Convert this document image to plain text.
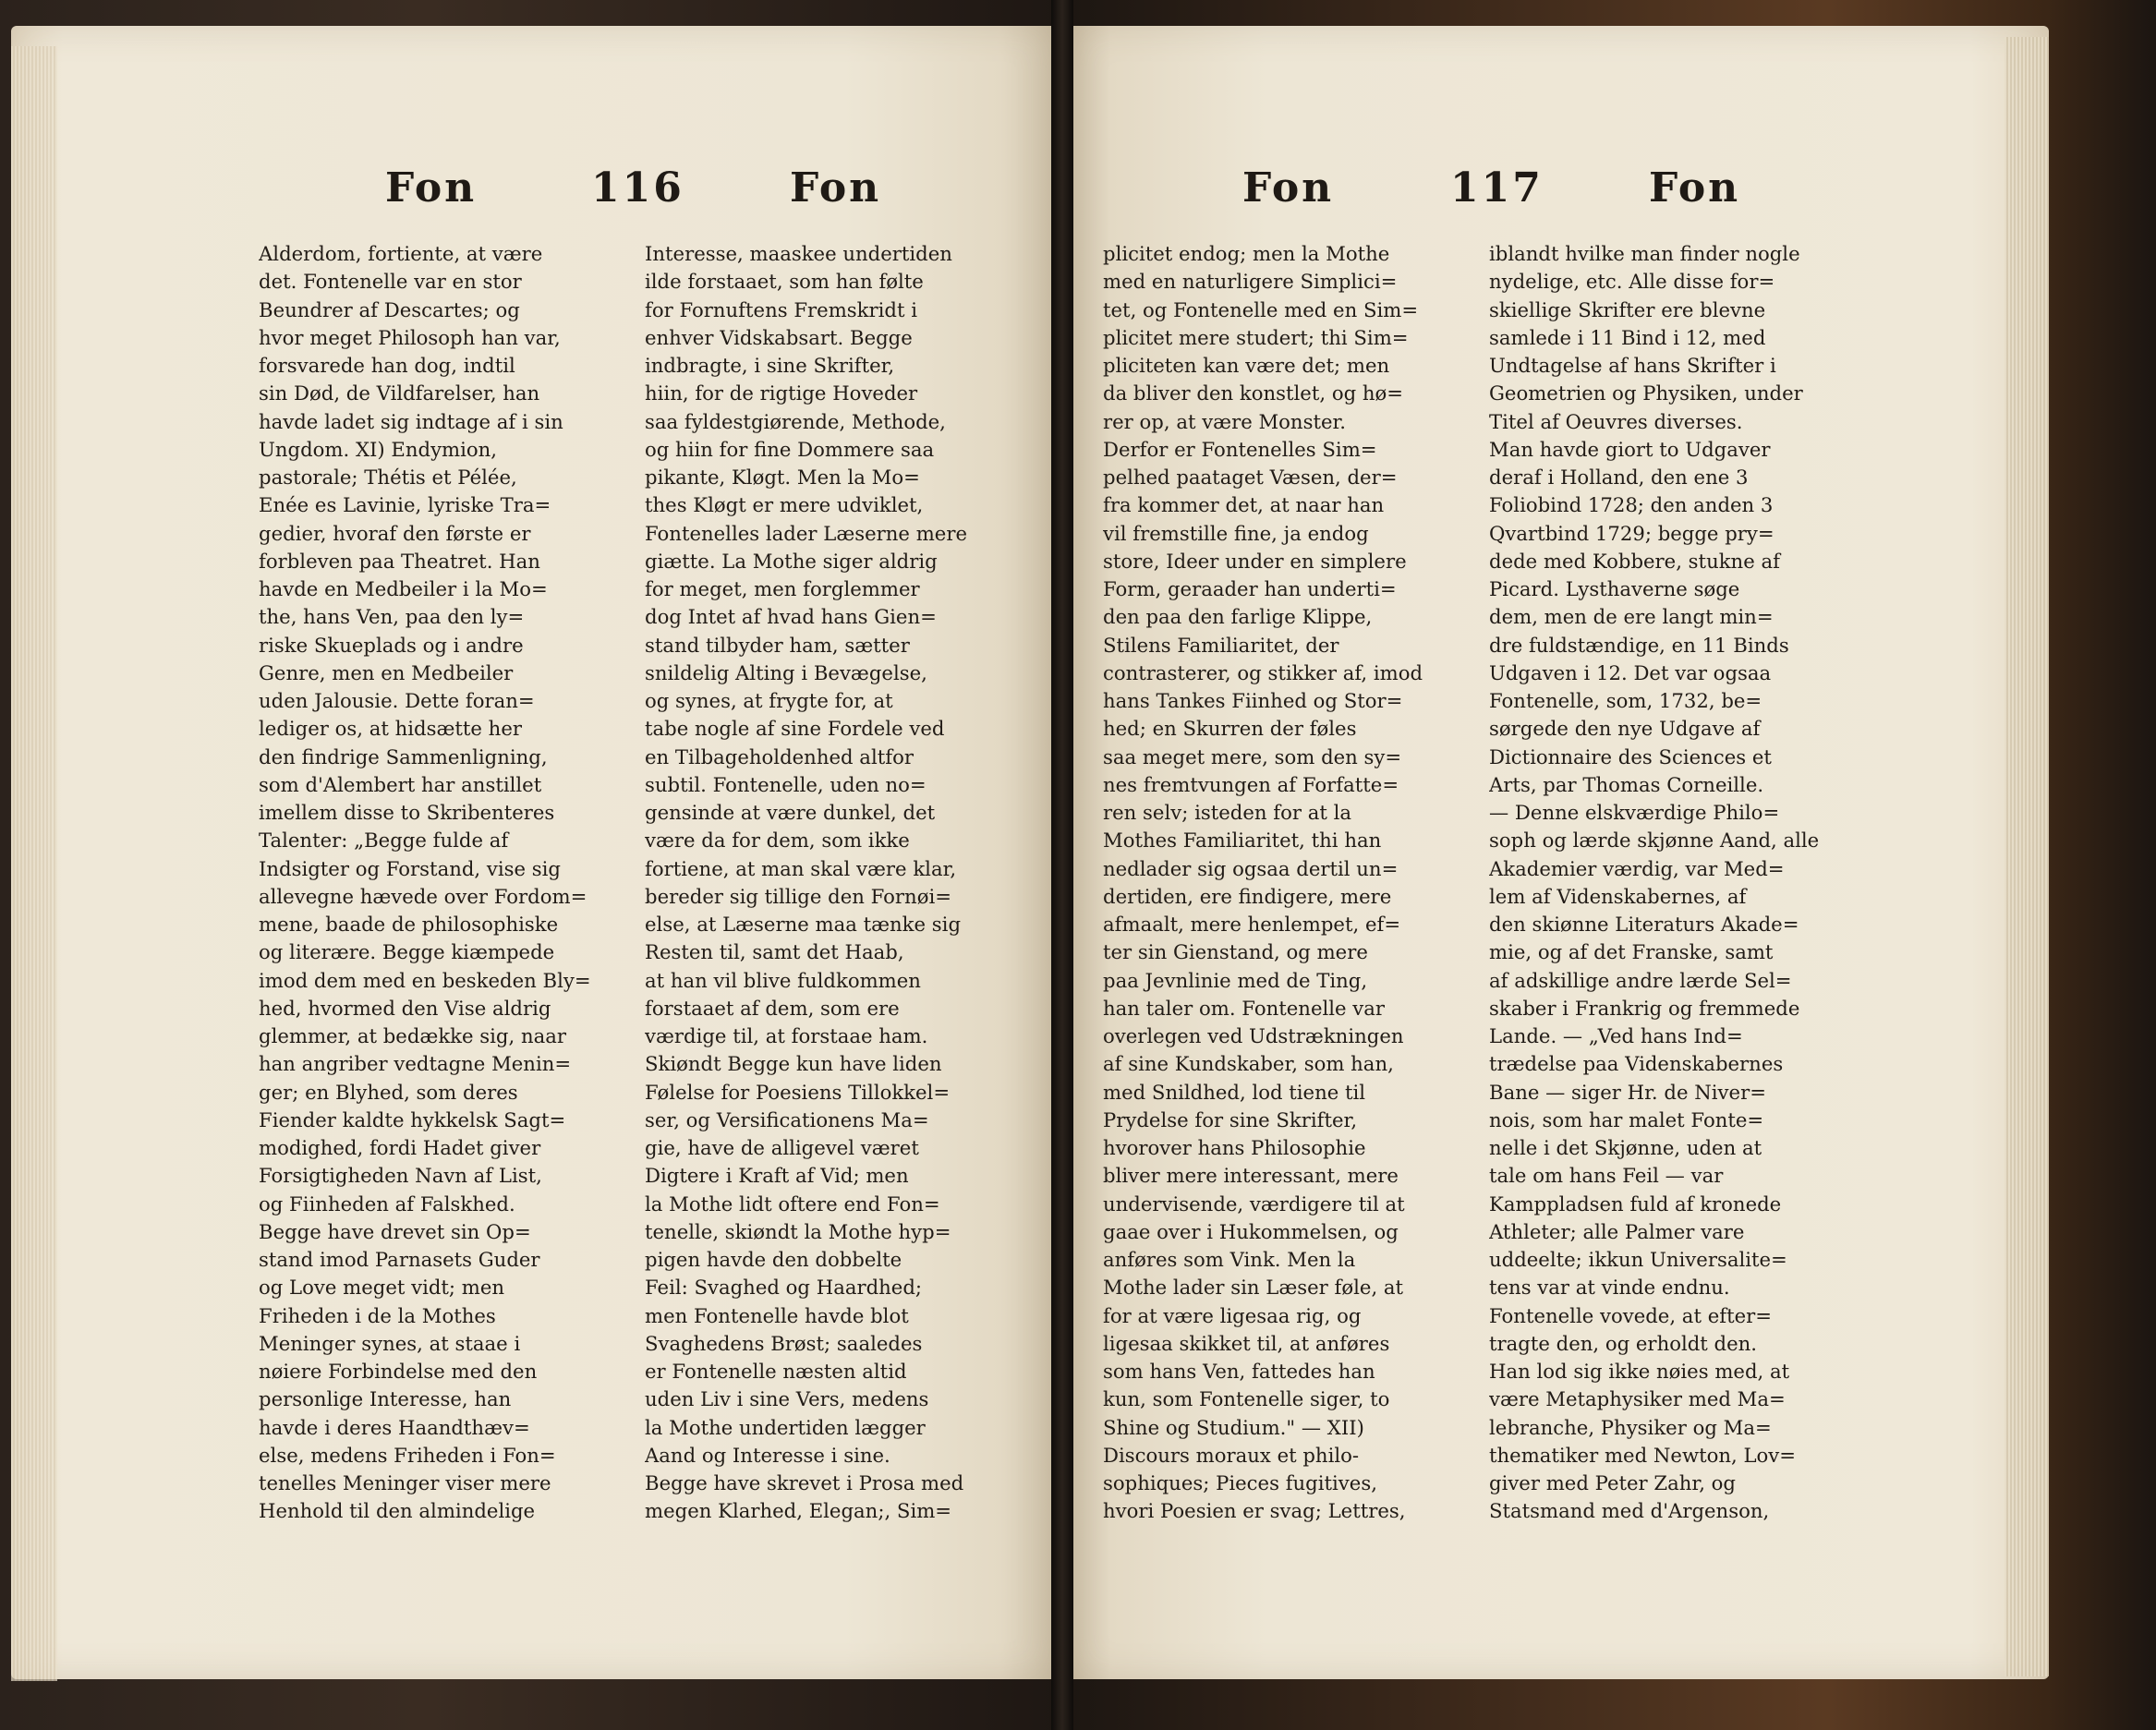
Fon	116	Fon
Alderdom, fortiente, at være
det. Fontenelle var en stor
Beundrer af Descartes; og
hvor meget Philosoph han var,
forsvarede han dog, indtil
sin Død, de Vildfarelser, han
havde ladet sig indtage af i sin
Ungdom. XI) Endymion,
pastorale; Thétis et Pélée,
Enée es Lavinie, lyriske Tra=
gedier, hvoraf den første er
forbleven paa Theatret. Han
havde en Medbeiler i la Mo=
the, hans Ven, paa den ly=
riske Skueplads og i andre
Genre, men en Medbeiler
uden Jalousie. Dette foran=
lediger os, at hidsætte her
den findrige Sammenligning,
som d'Alembert har anstillet
imellem disse to Skribenteres
Talenter: „Begge fulde af
Indsigter og Forstand, vise sig
allevegne hævede over Fordom=
mene, baade de philosophiske
og literære. Begge kiæmpede
imod dem med en beskeden Bly=
hed, hvormed den Vise aldrig
glemmer, at bedække sig, naar
han angriber vedtagne Menin=
ger; en Blyhed, som deres
Fiender kaldte hykkelsk Sagt=
modighed, fordi Hadet giver
Forsigtigheden Navn af List,
og Fiinheden af Falskhed.
Begge have drevet sin Op=
stand imod Parnasets Guder
og Love meget vidt; men
Friheden i de la Mothes
Meninger synes, at staae i
nøiere Forbindelse med den
personlige Interesse, han
havde i deres Haandthæv=
else, medens Friheden i Fon=
tenelles Meninger viser mere
Henhold til den almindelige
Interesse, maaskee undertiden
ilde forstaaet, som han følte
for Fornuftens Fremskridt i
enhver Vidskabsart. Begge
indbragte, i sine Skrifter,
hiin, for de rigtige Hoveder
saa fyldestgiørende, Methode,
og hiin for fine Dommere saa
pikante, Kløgt. Men la Mo=
thes Kløgt er mere udviklet,
Fontenelles lader Læserne mere
giætte. La Mothe siger aldrig
for meget, men forglemmer
dog Intet af hvad hans Gien=
stand tilbyder ham, sætter
snildelig Alting i Bevægelse,
og synes, at frygte for, at
tabe nogle af sine Fordele ved
en Tilbageholdenhed altfor
subtil. Fontenelle, uden no=
gensinde at være dunkel, det
være da for dem, som ikke
fortiene, at man skal være klar,
bereder sig tillige den Fornøi=
else, at Læserne maa tænke sig
Resten til, samt det Haab,
at han vil blive fuldkommen
forstaaet af dem, som ere
værdige til, at forstaae ham.
Skiøndt Begge kun have liden
Følelse for Poesiens Tillokkel=
ser, og Versificationens Ma=
gie, have de alligevel været
Digtere i Kraft af Vid; men
la Mothe lidt oftere end Fon=
tenelle, skiøndt la Mothe hyp=
pigen havde den dobbelte
Feil: Svaghed og Haardhed;
men Fontenelle havde blot
Svaghedens Brøst; saaledes
er Fontenelle næsten altid
uden Liv i sine Vers, medens
la Mothe undertiden lægger
Aand og Interesse i sine.
Begge have skrevet i Prosa med
megen Klarhed, Elegan;, Sim=
Fon	117	Fon
plicitet endog; men la Mothe
med en naturligere Simplici=
tet, og Fontenelle med en Sim=
plicitet mere studert; thi Sim=
pliciteten kan være det; men
da bliver den konstlet, og hø=
rer op, at være Monster.
Derfor er Fontenelles Sim=
pelhed paataget Væsen, der=
fra kommer det, at naar han
vil fremstille fine, ja endog
store, Ideer under en simplere
Form, geraader han underti=
den paa den farlige Klippe,
Stilens Familiaritet, der
contrasterer, og stikker af, imod
hans Tankes Fiinhed og Stor=
hed; en Skurren der føles
saa meget mere, som den sy=
nes fremtvungen af Forfatte=
ren selv; isteden for at la
Mothes Familiaritet, thi han
nedlader sig ogsaa dertil un=
dertiden, ere findigere, mere
afmaalt, mere henlempet, ef=
ter sin Gienstand, og mere
paa Jevnlinie med de Ting,
han taler om. Fontenelle var
overlegen ved Udstrækningen
af sine Kundskaber, som han,
med Snildhed, lod tiene til
Prydelse for sine Skrifter,
hvorover hans Philosophie
bliver mere interessant, mere
undervisende, værdigere til at
gaae over i Hukommelsen, og
anføres som Vink. Men la
Mothe lader sin Læser føle, at
for at være ligesaa rig, og
ligesaa skikket til, at anføres
som hans Ven, fattedes han
kun, som Fontenelle siger, to
Shine og Studium." — XII)
Discours moraux et philo-
sophiques; Pieces fugitives,
hvori Poesien er svag; Lettres,
iblandt hvilke man finder nogle
nydelige, etc. Alle disse for=
skiellige Skrifter ere blevne
samlede i 11 Bind i 12, med
Undtagelse af hans Skrifter i
Geometrien og Physiken, under
Titel af Oeuvres diverses.
Man havde giort to Udgaver
deraf i Holland, den ene 3
Foliobind 1728; den anden 3
Qvartbind 1729; begge pry=
dede med Kobbere, stukne af
Picard. Lysthaverne søge
dem, men de ere langt min=
dre fuldstændige, en 11 Binds
Udgaven i 12. Det var ogsaa
Fontenelle, som, 1732, be=
sørgede den nye Udgave af
Dictionnaire des Sciences et
Arts, par Thomas Corneille.
— Denne elskværdige Philo=
soph og lærde skjønne Aand, alle
Akademier værdig, var Med=
lem af Videnskabernes, af
den skiønne Literaturs Akade=
mie, og af det Franske, samt
af adskillige andre lærde Sel=
skaber i Frankrig og fremmede
Lande. — „Ved hans Ind=
trædelse paa Videnskabernes
Bane — siger Hr. de Niver=
nois, som har malet Fonte=
nelle i det Skjønne, uden at
tale om hans Feil — var
Kamppladsen fuld af kronede
Athleter; alle Palmer vare
uddeelte; ikkun Universalite=
tens var at vinde endnu.
Fontenelle vovede, at efter=
tragte den, og erholdt den.
Han lod sig ikke nøies med, at
være Metaphysiker med Ma=
lebranche, Physiker og Ma=
thematiker med Newton, Lov=
giver med Peter Zahr, og
Statsmand med d'Argenson,
